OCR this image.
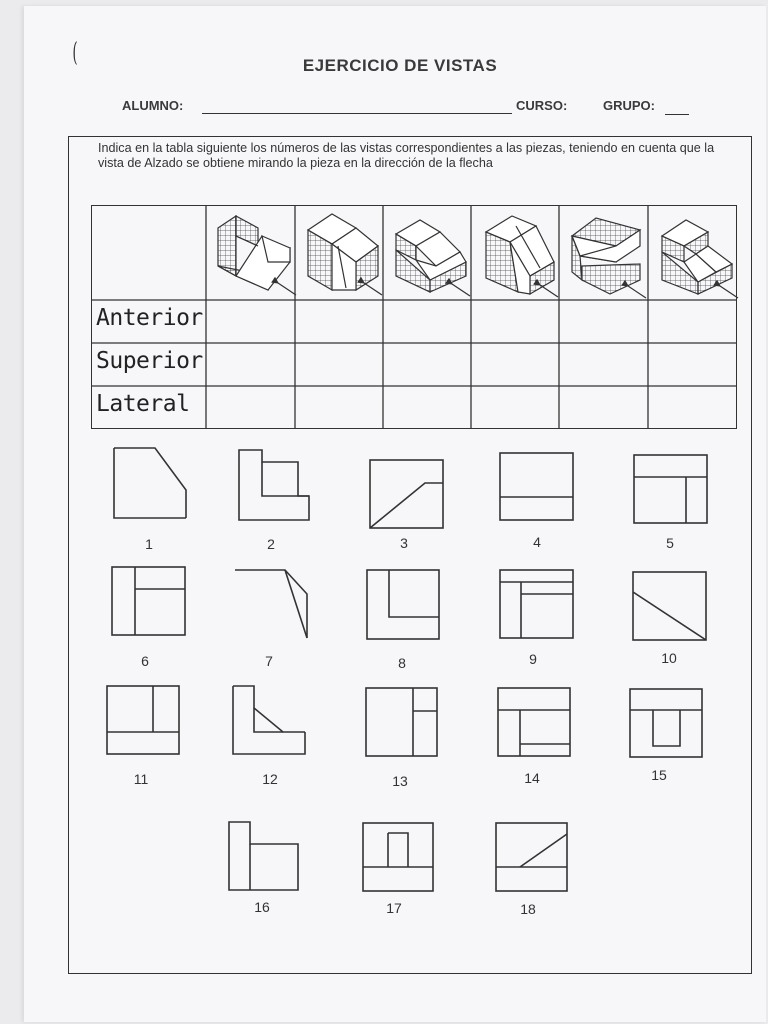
(	EJERCICIO DE VISTAS
ALUMNO:	CURSO:	GRUPO:
Indica en la tabla siguiente los números de las vistas correspondientes a las piezas, teniendo en cuenta que la vista de Alzado se obtiene mirando la pieza en la dirección de la flecha
Anterior
Superior
Lateral
1	2	3	4	5
6	7	8	9	10
11	12	13	14	15
16	17	18
